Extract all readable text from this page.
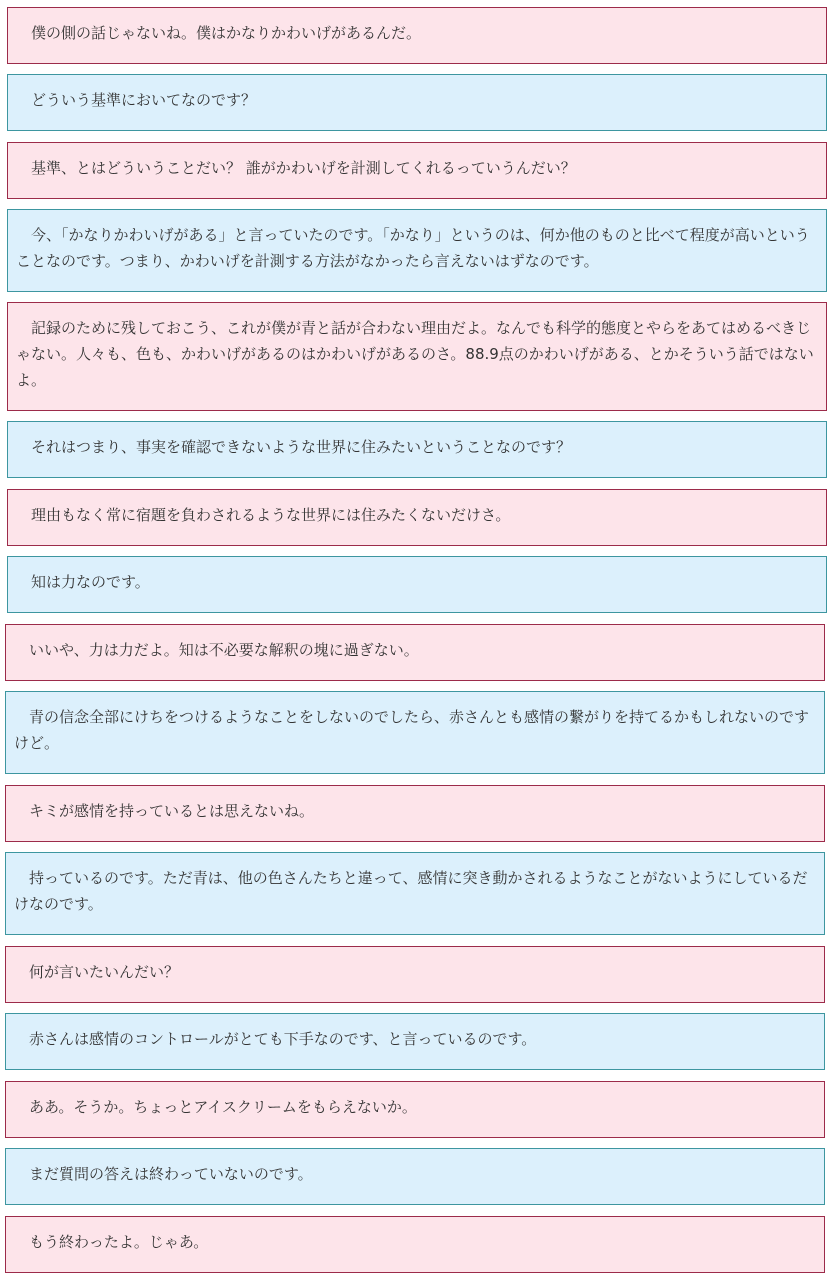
僕の側の話じゃないね。僕はかなりかわいげがあるんだ。
どういう基準においてなのです？
基準、とはどういうことだい？ 誰がかわいげを計測してくれるっていうんだい？
今、「かなりかわいげがある」と言っていたのです。「かなり」というのは、何か他のものと比べて程度が高いということなのです。つまり、かわいげを計測する方法がなかったら言えないはずなのです。
記録のために残しておこう、これが僕が青と話が合わない理由だよ。なんでも科学的態度とやらをあてはめるべきじゃない。人々も、色も、かわいげがあるのはかわいげがあるのさ。88.9点のかわいげがある、とかそういう話ではないよ。
それはつまり、事実を確認できないような世界に住みたいということなのです？
理由もなく常に宿題を負わされるような世界には住みたくないだけさ。
知は力なのです。
いいや、力は力だよ。知は不必要な解釈の塊に過ぎない。
青の信念全部にけちをつけるようなことをしないのでしたら、赤さんとも感情の繋がりを持てるかもしれないのですけど。
キミが感情を持っているとは思えないね。
持っているのです。ただ青は、他の色さんたちと違って、感情に突き動かされるようなことがないようにしているだけなのです。
何が言いたいんだい？
赤さんは感情のコントロールがとても下手なのです、と言っているのです。
ああ。そうか。ちょっとアイスクリームをもらえないか。
まだ質問の答えは終わっていないのです。
もう終わったよ。じゃあ。
